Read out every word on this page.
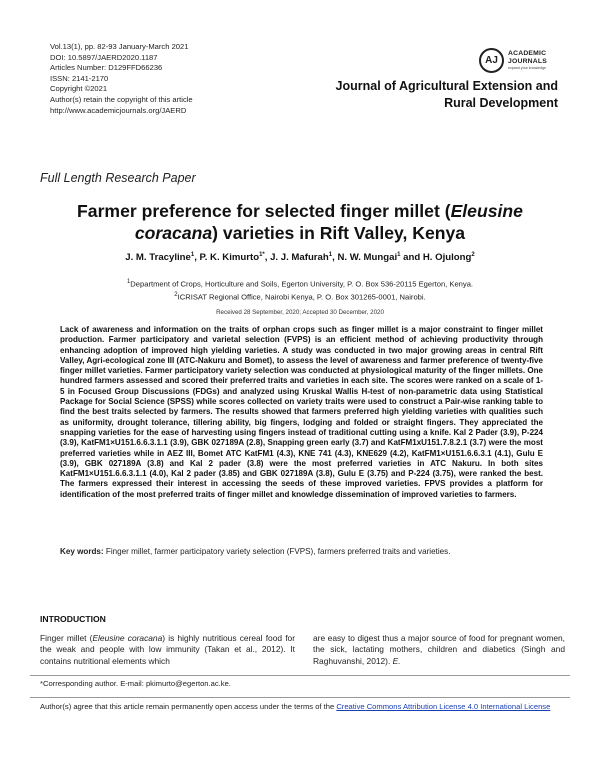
Vol.13(1), pp. 82-93 January-March 2021
DOI: 10.5897/JAERD2020.1187
Articles Number: D129FFD66236
ISSN: 2141-2170
Copyright ©2021
Author(s) retain the copyright of this article
http://www.academicjournals.org/JAERD
AJ
ACADEMIC JOURNALS
expand your knowledge
Journal of Agricultural Extension and Rural Development
Full Length Research Paper
Farmer preference for selected finger millet (Eleusine
coracana) varieties in Rift Valley, Kenya
J. M. Tracyline$^1$, P. K. Kimurto$^{1*}$, J. J. Mafurah$^1$, N. W. Mungai$^1$ and H. Ojulong$^2$
$^1$Department of Crops, Horticulture and Soils, Egerton University, P. O. Box 536-20115 Egerton, Kenya.
$^2$ICRISAT Regional Office, Nairobi Kenya, P. O. Box 301265-0001, Nairobi.
Received 28 September, 2020; Accepted 30 December, 2020
Lack of awareness and information on the traits of orphan crops such as finger millet is a major constraint to finger millet production. Farmer participatory and varietal selection (FVPS) is an efficient method of achieving productivity through enhancing adoption of improved high yielding varieties. A study was conducted in two major growing areas in central Rift Valley, Agri-ecological zone III (ATC-Nakuru and Bomet), to assess the level of awareness and farmer preference of twenty-five finger millet varieties. Farmer participatory variety selection was conducted at physiological maturity of the finger millets. One hundred farmers assessed and scored their preferred traits and varieties in each site. The scores were ranked on a scale of 1-5 in Focused Group Discussions (FDGs) and analyzed using Kruskal Wallis H-test of non-parametric data using Statistical Package for Social Science (SPSS) while scores collected on variety traits were used to construct a Pair-wise ranking table to find the best traits selected by farmers. The results showed that farmers preferred high yielding varieties with qualities such as uniformity, drought tolerance, tillering ability, big fingers, lodging and folded or straight fingers. They appreciated the snapping varieties for the ease of harvesting using fingers instead of traditional cutting using a knife. Kal 2 Pader (3.9), P-224 (3.9), KatFM1×U151.6.6.3.1.1 (3.9), GBK 027189A (2.8), Snapping green early (3.7) and KatFM1xU151.7.8.2.1 (3.7) were the most preferred varieties while in AEZ III, Bomet ATC KatFM1 (4.3), KNE 741 (4.3), KNE629 (4.2), KatFM1×U151.6.6.3.1 (4.1), Gulu E (3.9), GBK 027189A (3.8) and Kal 2 pader (3.8) were the most preferred varieties in ATC Nakuru. In both sites KatFM1×U151.6.6.3.1.1 (4.0), Kal 2 pader (3.85) and GBK 027189A (3.8), Gulu E (3.75) and P-224 (3.75), were ranked the best. The farmers expressed their interest in accessing the seeds of these improved varieties. FPVS provides a platform for identification of the most preferred traits of finger millet and knowledge dissemination of improved varieties to farmers.
Key words: Finger millet, farmer participatory variety selection (FVPS), farmers preferred traits and varieties.
INTRODUCTION
Finger millet (Eleusine coracana) is highly nutritious cereal food for the weak and people with low immunity (Takan et al., 2012). It contains nutritional elements which
are easy to digest thus a major source of food for pregnant women, the sick, lactating mothers, children and diabetics (Singh and Raghuvanshi, 2012). E.
*Corresponding author. E-mail: pkimurto@egerton.ac.ke.
Author(s) agree that this article remain permanently open access under the terms of the Creative Commons Attribution License 4.0 International License
